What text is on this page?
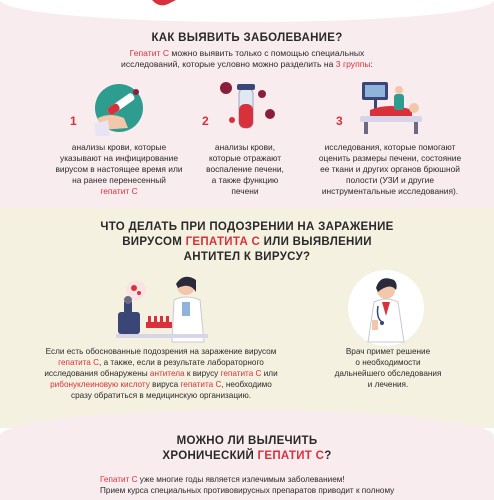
КАК ВЫЯВИТЬ ЗАБОЛЕВАНИЕ?
Гепатит С можно выявить только с помощью специальных
исследований, которые условно можно разделить на 3 группы:
1	2	3
анализы крови, которые
указывают на инфицирование
вирусом в настоящее время или
на ранее перенесенный
гепатит С
анализы крови,
которые отражают
воспаление печени,
а также функцию
печени
исследования, которые помогают
оценить размеры печени, состояние
ее ткани и других органов брюшной
полости (УЗИ и другие
инструментальные исследования).
ЧТО ДЕЛАТЬ ПРИ ПОДОЗРЕНИИ НА ЗАРАЖЕНИЕ
ВИРУСОМ ГЕПАТИТА С ИЛИ ВЫЯВЛЕНИИ
АНТИТЕЛ К ВИРУСУ?
Если есть обоснованные подозрения на заражение вирусом
гепатита С, а также, если в результате лабораторного
исследования обнаружены антитела к вирусу гепатита С или
рибонуклеиновую кислоту вируса гепатита С, необходимо
сразу обратиться в медицинскую организацию.
Врач примет решение
о необходимости
дальнейшего обследования
и лечения.
МОЖНО ЛИ ВЫЛЕЧИТЬ
ХРОНИЧЕСКИЙ ГЕПАТИТ С?
Гепатит С уже многие годы является излечимым заболеванием!
Прием курса специальных противовирусных препаратов приводит к полному
